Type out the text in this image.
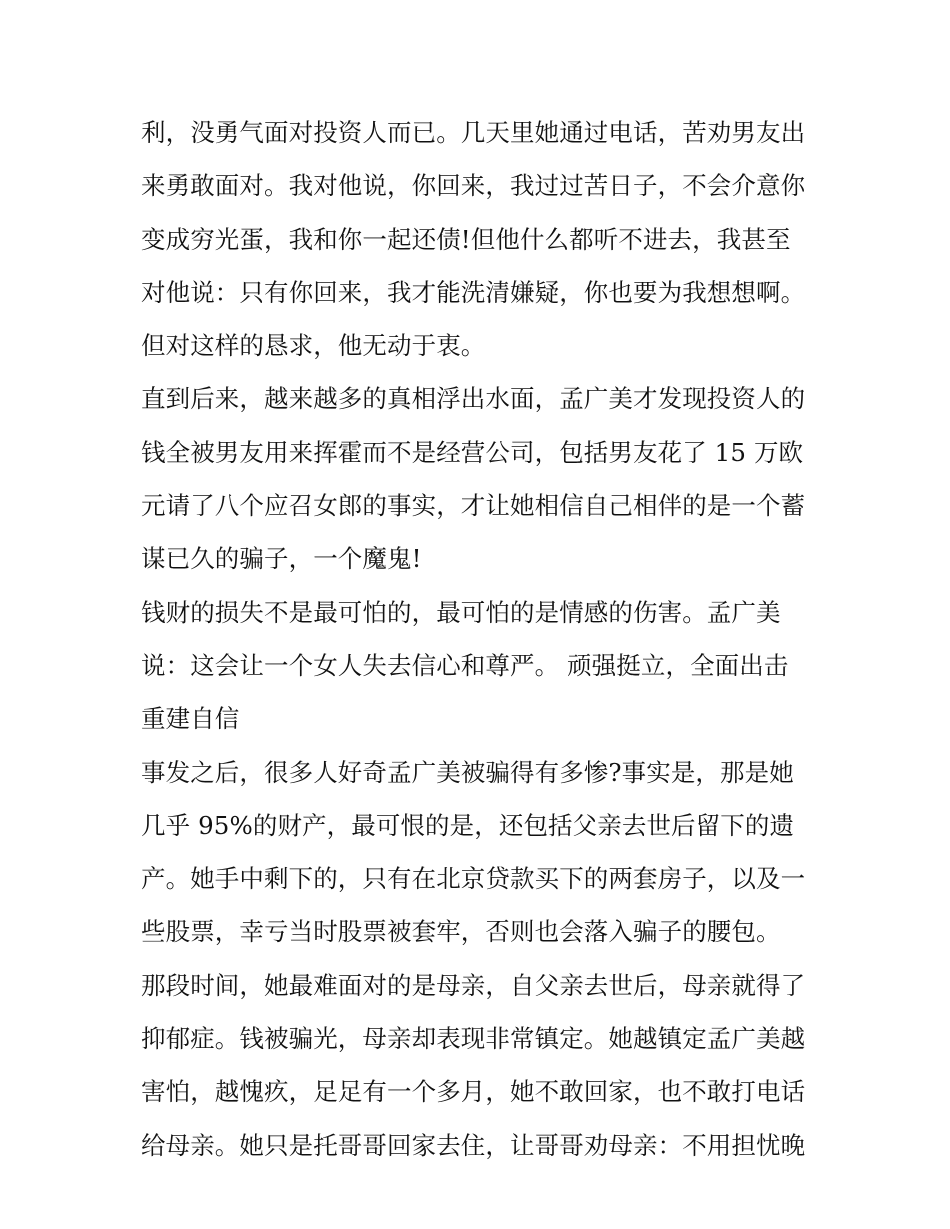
利，没勇气面对投资人而已。几天里她通过电话，苦劝男友出
来勇敢面对。我对他说，你回来，我过过苦日子，不会介意你
变成穷光蛋，我和你一起还债!但他什么都听不进去，我甚至
对他说：只有你回来，我才能洗清嫌疑，你也要为我想想啊。
但对这样的恳求，他无动于衷。
直到后来，越来越多的真相浮出水面，孟广美才发现投资人的
钱全被男友用来挥霍而不是经营公司，包括男友花了 15 万欧
元请了八个应召女郎的事实，才让她相信自己相伴的是一个蓄
谋已久的骗子，一个魔鬼!
钱财的损失不是最可怕的，最可怕的是情感的伤害。孟广美
说：这会让一个女人失去信心和尊严。 顽强挺立，全面出击
重建自信
事发之后，很多人好奇孟广美被骗得有多惨?事实是，那是她
几乎 95%的财产，最可恨的是，还包括父亲去世后留下的遗
产。她手中剩下的，只有在北京贷款买下的两套房子，以及一
些股票，幸亏当时股票被套牢，否则也会落入骗子的腰包。
那段时间，她最难面对的是母亲，自父亲去世后，母亲就得了
抑郁症。钱被骗光，母亲却表现非常镇定。她越镇定孟广美越
害怕，越愧疚，足足有一个多月，她不敢回家，也不敢打电话
给母亲。她只是托哥哥回家去住，让哥哥劝母亲：不用担忧晚
